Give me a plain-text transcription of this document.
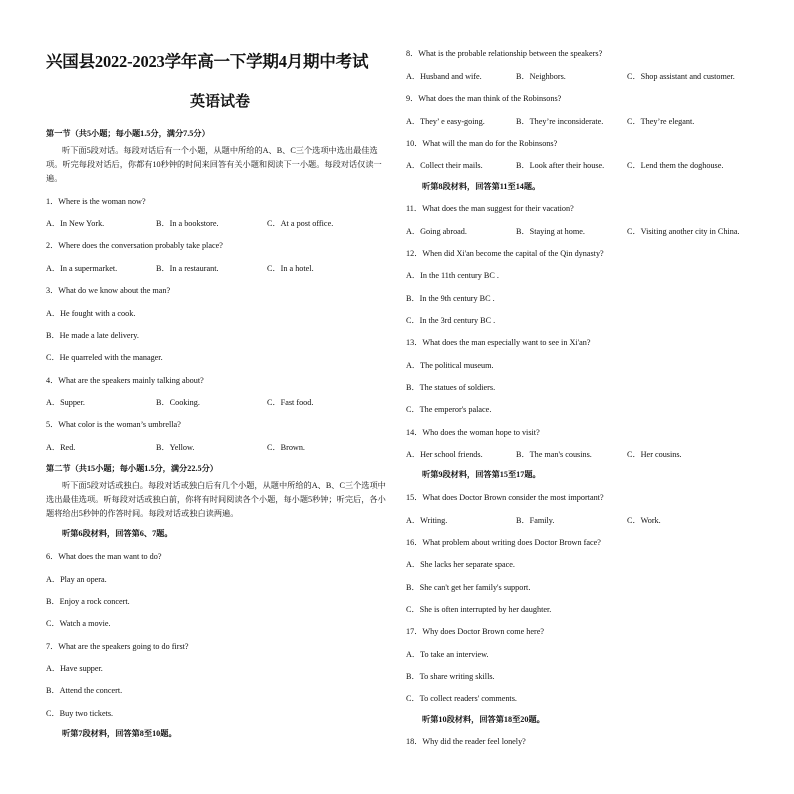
兴国县2022-2023学年高一下学期4月期中考试
英语试卷
第一节（共5小题；每小题1.5分，满分7.5分）
听下面5段对话。每段对话后有一个小题，从题中所给的A、B、C三个选项中选出最佳选项。听完每段对话后，你都有10秒钟的时间来回答有关小题和阅读下一小题。每段对话仅读一遍。
1．Where is the woman now?
A．In New York.	B．In a bookstore.	C．At a post office.
2．Where does the conversation probably take place?
A．In a supermarket.	B．In a restaurant.	C．In a hotel.
3．What do we know about the man?
A．He fought with a cook.
B．He made a late delivery.
C．He quarreled with the manager.
4．What are the speakers mainly talking about?
A．Supper.	B．Cooking.	C．Fast food.
5．What color is the woman’s umbrella?
A．Red.	B．Yellow.	C．Brown.
第二节（共15小题；每小题1.5分，满分22.5分）
听下面5段对话或独白。每段对话或独白后有几个小题，从题中所给的A、B、C三个选项中选出最佳选项。听每段对话或独白前，你将有时间阅读各个小题，每小题5秒钟；听完后，各小题将给出5秒钟的作答时间。每段对话或独白读两遍。
听第6段材料，回答第6、7题。
6．What does the man want to do?
A．Play an opera.
B．Enjoy a rock concert.
C．Watch a movie.
7．What are the speakers going to do first?
A．Have supper.
B．Attend the concert.
C．Buy two tickets.
听第7段材料，回答第8至10题。
8．What is the probable relationship between the speakers?
A．Husband and wife.	B．Neighbors.	C．Shop assistant and customer.
9．What does the man think of the Robinsons?
A．They’ e easy-going.	B．They’re inconsiderate.	C．They’re elegant.
10．What will the man do for the Robinsons?
A．Collect their mails.	B．Look after their house.	C．Lend them the doghouse.
听第8段材料，回答第11至14题。
11．What does the man suggest for their vacation?
A．Going abroad.	B．Staying at home.	C．Visiting another city in China.
12．When did Xi'an become the capital of the Qin dynasty?
A．In the 11th century BC .
B．In the 9th century BC .
C．In the 3rd century BC .
13．What does the man especially want to see in Xi'an?
A．The political museum.
B．The statues of soldiers.
C．The emperor's palace.
14．Who does the woman hope to visit?
A．Her school friends.	B．The man's cousins.	C．Her cousins.
听第9段材料，回答第15至17题。
15．What does Doctor Brown consider the most important?
A．Writing.	B．Family.	C．Work.
16．What problem about writing does Doctor Brown face?
A．She lacks her separate space.
B．She can't get her family's support.
C．She is often interrupted by her daughter.
17．Why does Doctor Brown come here?
A．To take an interview.
B．To share writing skills.
C．To collect readers' comments.
听第10段材料，回答第18至20题。
18．Why did the reader feel lonely?
